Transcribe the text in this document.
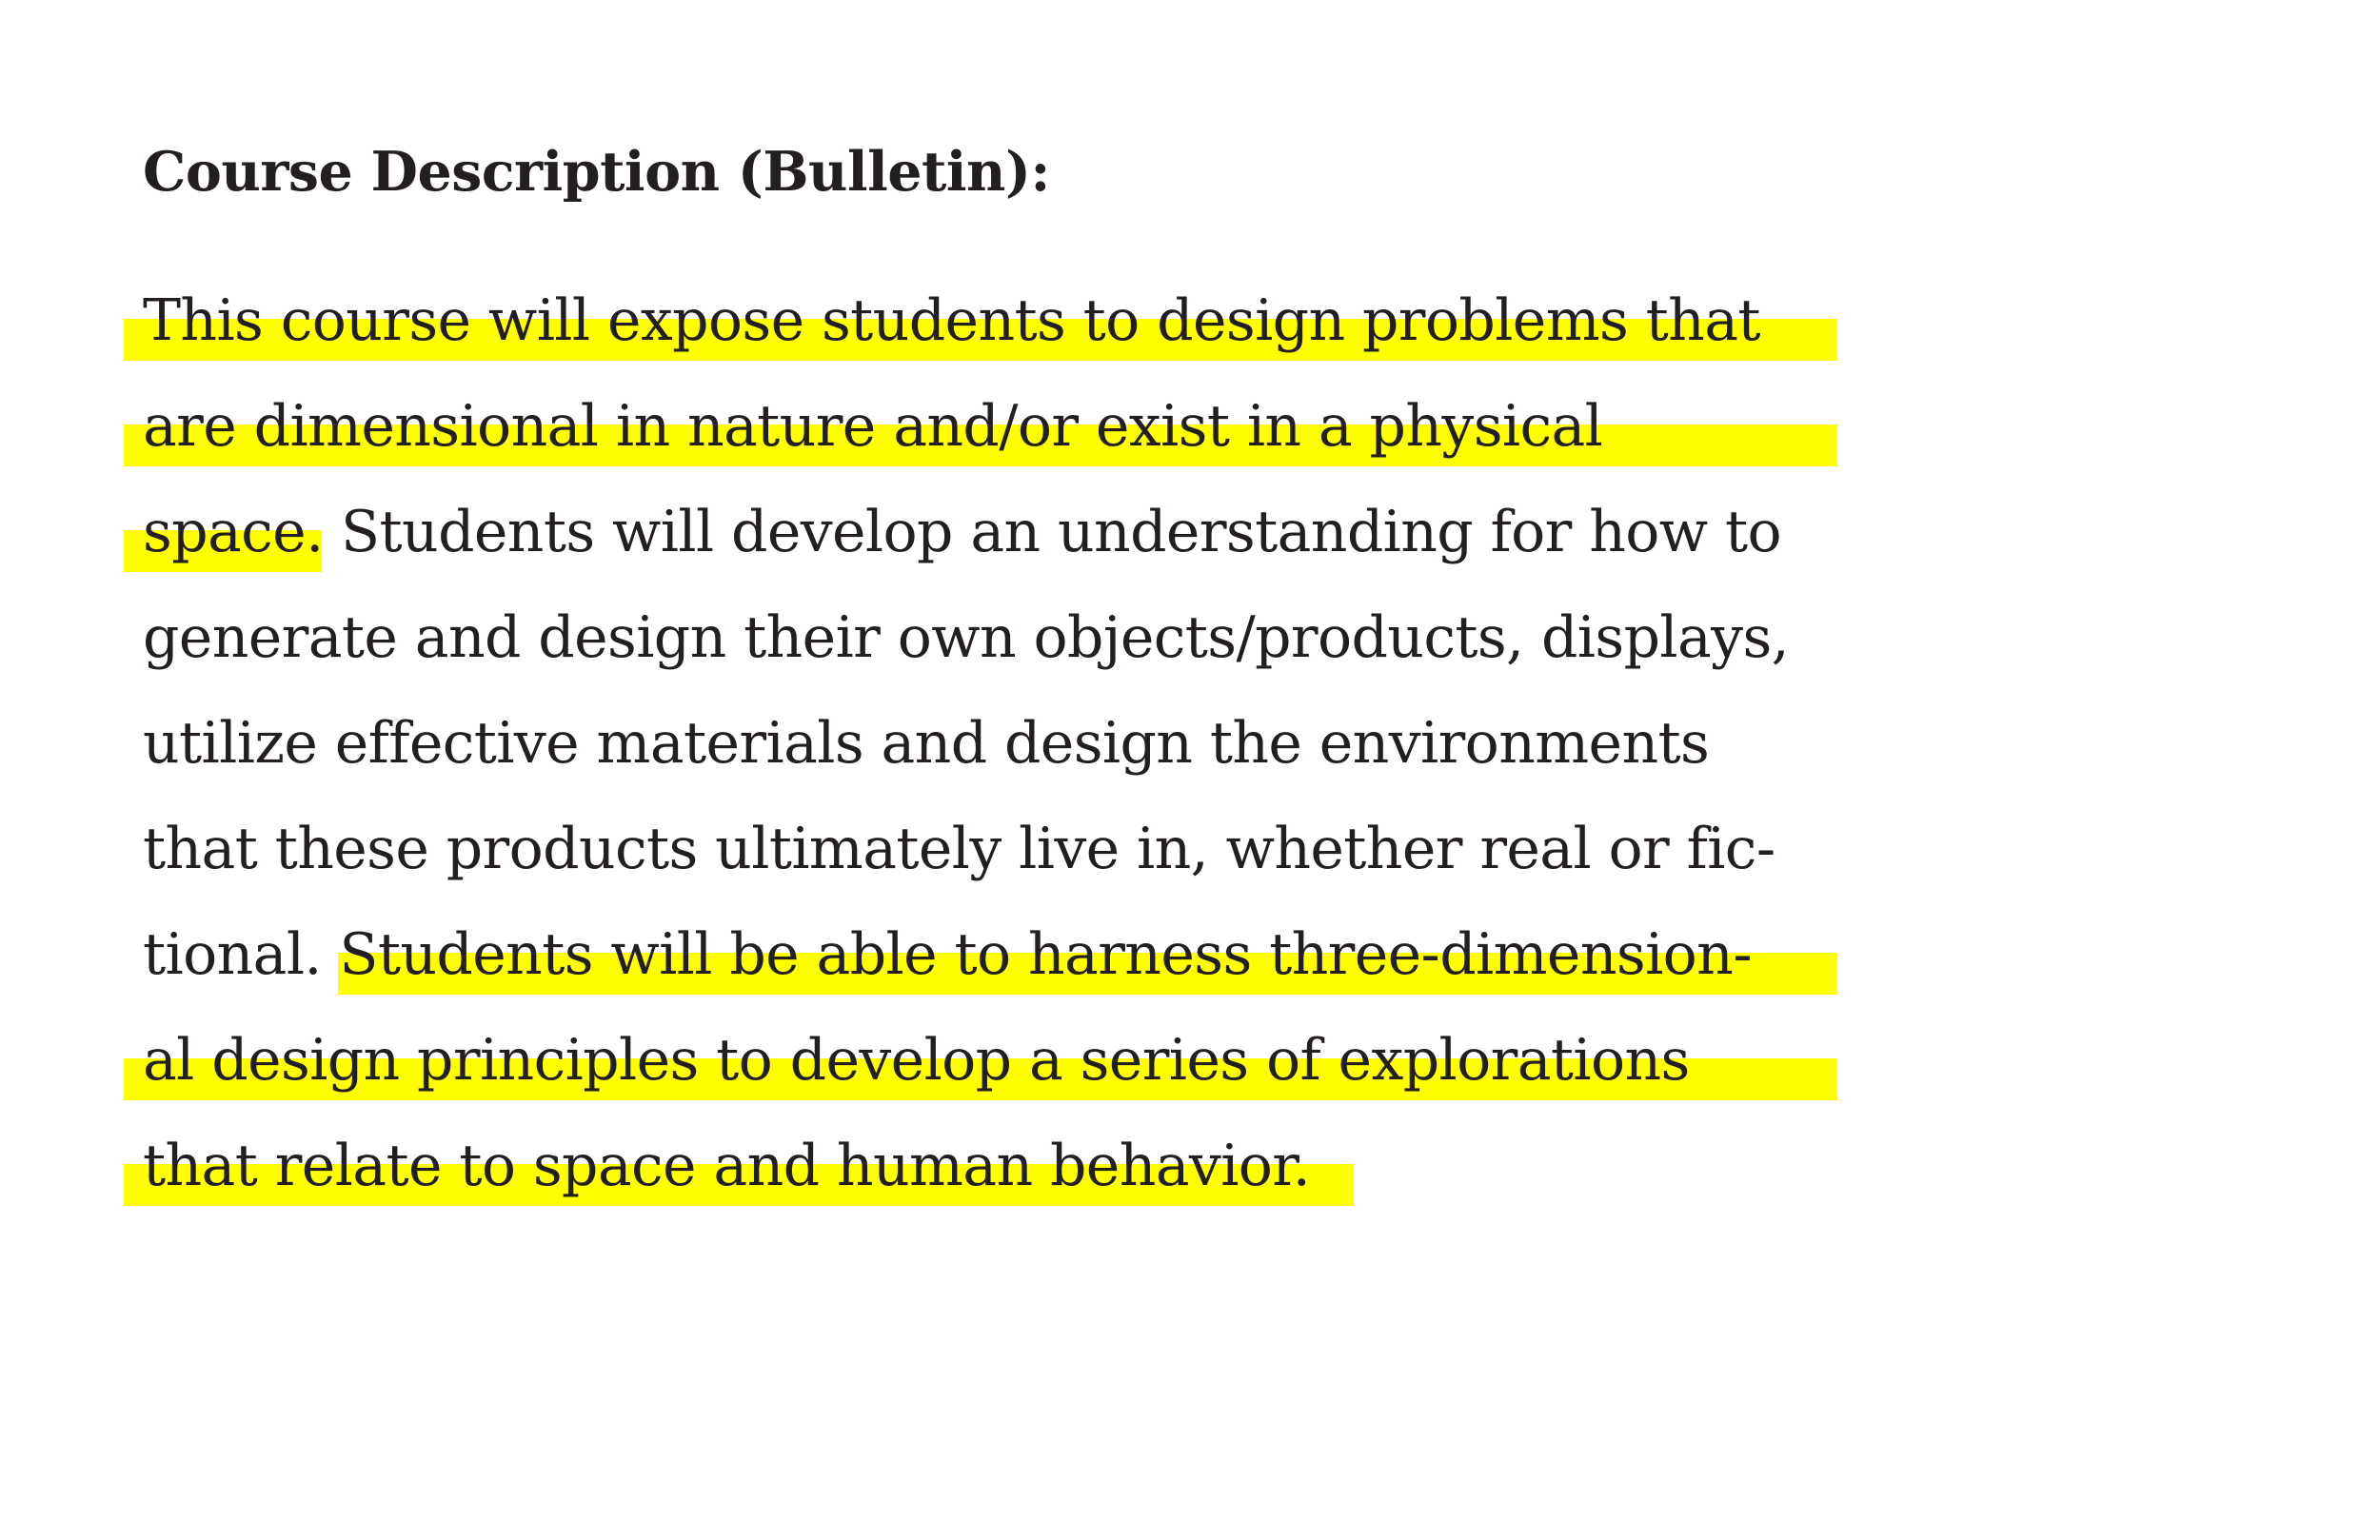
Course Description (Bulletin):
This course will expose students to design problems that
are dimensional in nature and/or exist in a physical
space. Students will develop an understanding for how to
generate and design their own objects/products, displays,
utilize effective materials and design the environments
that these products ultimately live in, whether real or fic-
tional. Students will be able to harness three-dimension-
al design principles to develop a series of explorations
that relate to space and human behavior.
